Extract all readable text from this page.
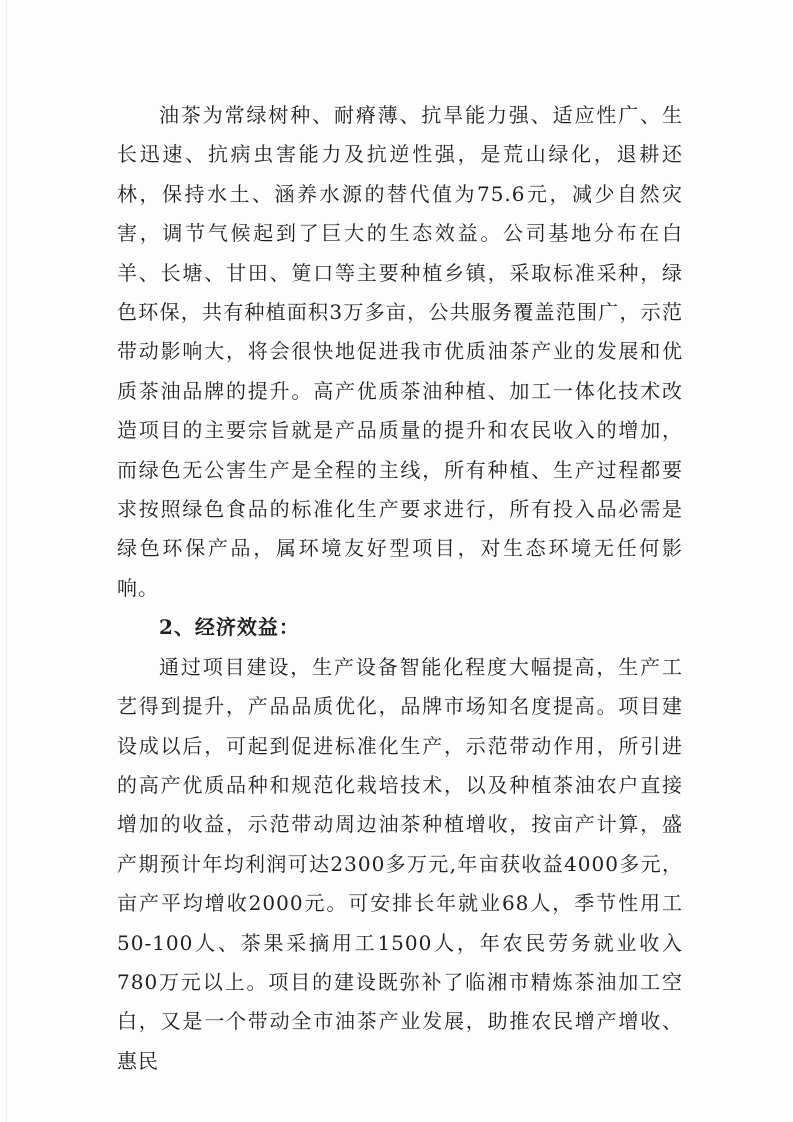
油茶为常绿树种、耐瘠薄、抗旱能力强、适应性广、生长迅速、抗病虫害能力及抗逆性强，是荒山绿化，退耕还林，保持水土、涵养水源的替代值为75.6元，减少自然灾害，调节气候起到了巨大的生态效益。公司基地分布在白羊、长塘、甘田、筻口等主要种植乡镇，采取标准采种，绿色环保，共有种植面积3万多亩，公共服务覆盖范围广，示范带动影响大，将会很快地促进我市优质油茶产业的发展和优质茶油品牌的提升。高产优质茶油种植、加工一体化技术改造项目的主要宗旨就是产品质量的提升和农民收入的增加，而绿色无公害生产是全程的主线，所有种植、生产过程都要求按照绿色食品的标准化生产要求进行，所有投入品必需是绿色环保产品，属环境友好型项目，对生态环境无任何影响。

2、经济效益：

通过项目建设，生产设备智能化程度大幅提高，生产工艺得到提升，产品品质优化，品牌市场知名度提高。项目建设成以后，可起到促进标准化生产，示范带动作用，所引进的高产优质品种和规范化栽培技术，以及种植茶油农户直接增加的收益，示范带动周边油茶种植增收，按亩产计算，盛产期预计年均利润可达2300多万元,年亩获收益4000多元，亩产平均增收2000元。可安排长年就业68人，季节性用工50-100人、茶果采摘用工1500人，年农民劳务就业收入780万元以上。项目的建设既弥补了临湘市精炼茶油加工空白，又是一个带动全市油茶产业发展，助推农民增产增收、惠民
